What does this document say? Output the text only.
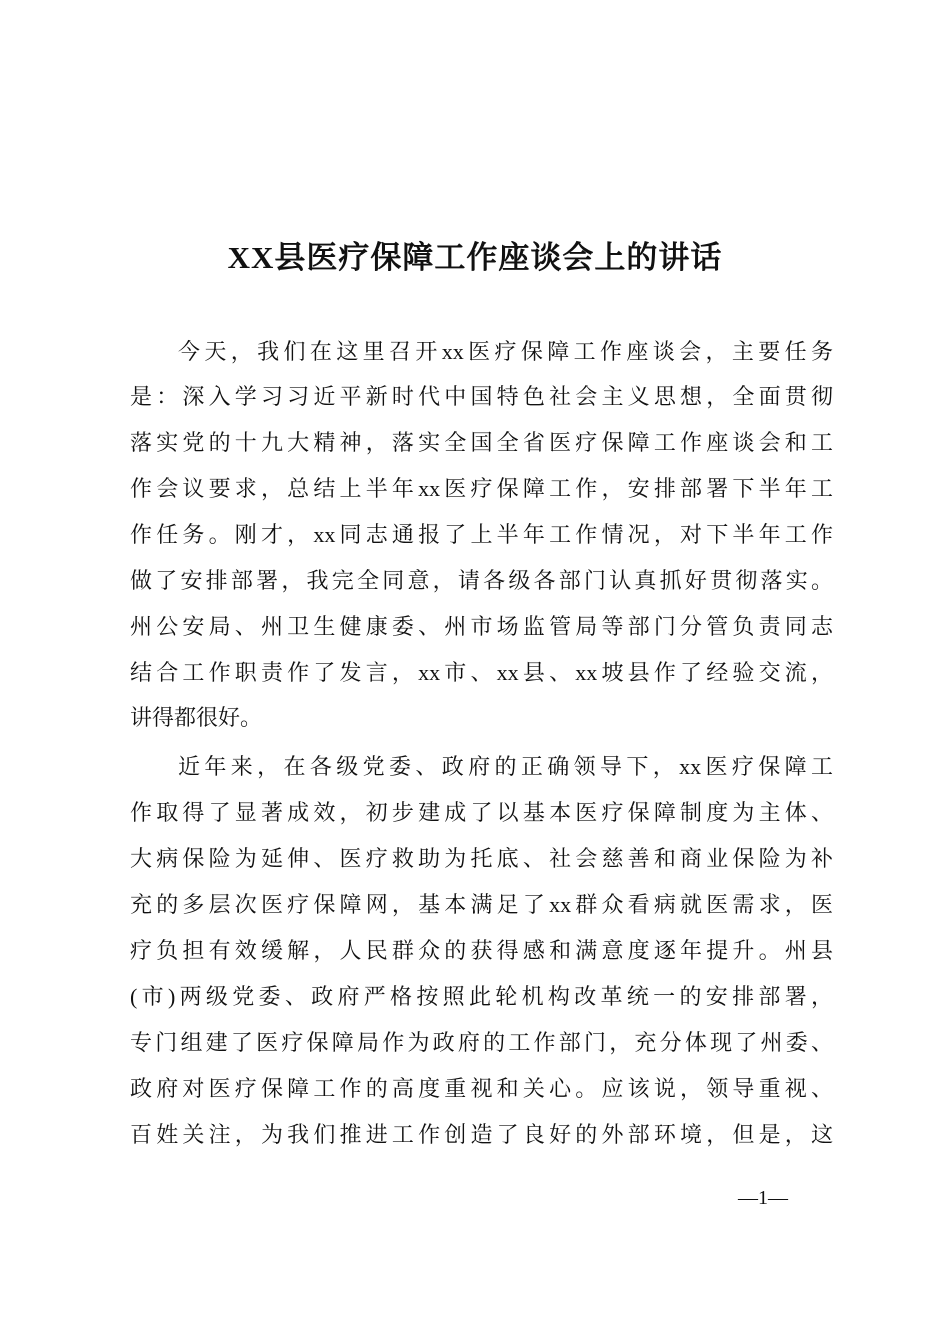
XX县医疗保障工作座谈会上的讲话
今天，我们在这里召开xx医疗保障工作座谈会，主要任务
是：深入学习习近平新时代中国特色社会主义思想，全面贯彻
落实党的十九大精神，落实全国全省医疗保障工作座谈会和工
作会议要求，总结上半年xx医疗保障工作，安排部署下半年工
作任务。刚才，xx同志通报了上半年工作情况，对下半年工作
做了安排部署，我完全同意，请各级各部门认真抓好贯彻落实。
州公安局、州卫生健康委、州市场监管局等部门分管负责同志
结合工作职责作了发言，xx市、xx县、xx坡县作了经验交流，
讲得都很好。
近年来，在各级党委、政府的正确领导下，xx医疗保障工
作取得了显著成效，初步建成了以基本医疗保障制度为主体、
大病保险为延伸、医疗救助为托底、社会慈善和商业保险为补
充的多层次医疗保障网，基本满足了xx群众看病就医需求，医
疗负担有效缓解，人民群众的获得感和满意度逐年提升。州县
(市)两级党委、政府严格按照此轮机构改革统一的安排部署，
专门组建了医疗保障局作为政府的工作部门，充分体现了州委、
政府对医疗保障工作的高度重视和关心。应该说，领导重视、
百姓关注，为我们推进工作创造了良好的外部环境，但是，这
—1—
